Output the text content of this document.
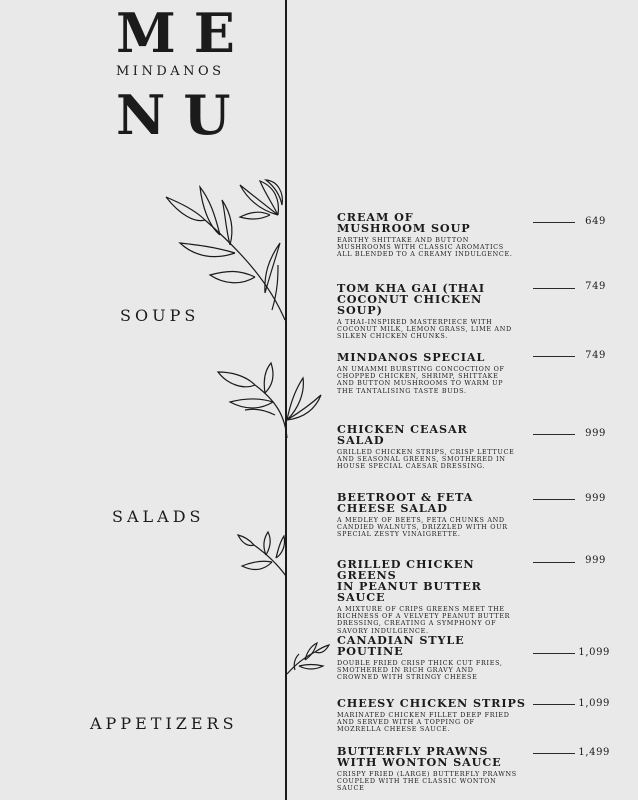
ME
MINDANOS
NU
SOUPS
SALADS
APPETIZERS
CREAM OF
MUSHROOM SOUP
EARTHY SHITTAKE AND BUTTON MUSHROOMS WITH CLASSIC AROMATICS ALL BLENDED TO A CREAMY INDULGENCE.
649
TOM KHA GAI (THAI
COCONUT CHICKEN SOUP)
A THAI-INSPIRED MASTERPIECE WITH COCONUT MILK, LEMON GRASS, LIME AND SILKEN CHICKEN CHUNKS.
749
MINDANOS SPECIAL
AN UMAMMI BURSTING CONCOCTION OF CHOPPED CHICKEN, SHRIMP, SHITTAKE AND BUTTON MUSHROOMS TO WARM UP THE TANTALISING TASTE BUDS.
749
CHICKEN CEASAR
SALAD
GRILLED CHICKEN STRIPS, CRISP LETTUCE AND SEASONAL GREENS, SMOTHERED IN HOUSE SPECIAL CAESAR DRESSING.
999
BEETROOT & FETA
CHEESE SALAD
A MEDLEY OF BEETS, FETA CHUNKS AND CANDIED WALNUTS, DRIZZLED WITH OUR SPECIAL ZESTY VINAIGRETTE.
999
GRILLED CHICKEN GREENS
IN PEANUT BUTTER SAUCE
A MIXTURE OF CRIPS GREENS MEET THE RICHNESS OF A VELVETY PEANUT BUTTER DRESSING, CREATING A SYMPHONY OF SAVORY INDULGENCE.
999
CANADIAN STYLE
POUTINE
DOUBLE FRIED CRISP THICK CUT FRIES, SMOTHERED IN RICH GRAVY AND CROWNED WITH STRINGY CHEESE
1,099
CHEESY CHICKEN STRIPS
MARINATED CHICKEN FILLET DEEP FRIED AND SERVED WITH A TOPPING OF MOZRELLA CHEESE SAUCE.
1,099
BUTTERFLY PRAWNS
WITH WONTON SAUCE
CRISPY FRIED (LARGE) BUTTERFLY PRAWNS COUPLED WITH THE CLASSIC WONTON SAUCE
1,499
